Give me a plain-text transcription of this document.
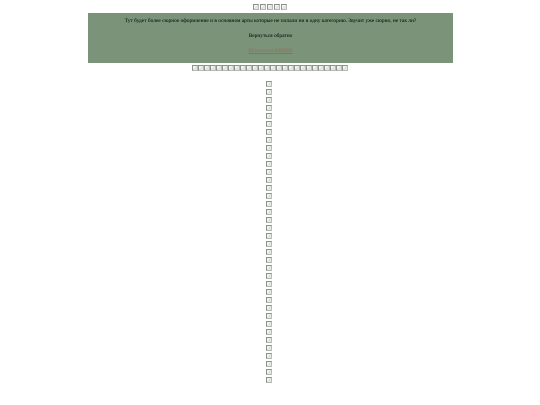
Тут будет более сюрное оформление и в основном арты которые не попали ни в одну категорию. Звучит уже сюрно, не так ли?
Вернуться обратно
ВОоооооооВВВВВ
